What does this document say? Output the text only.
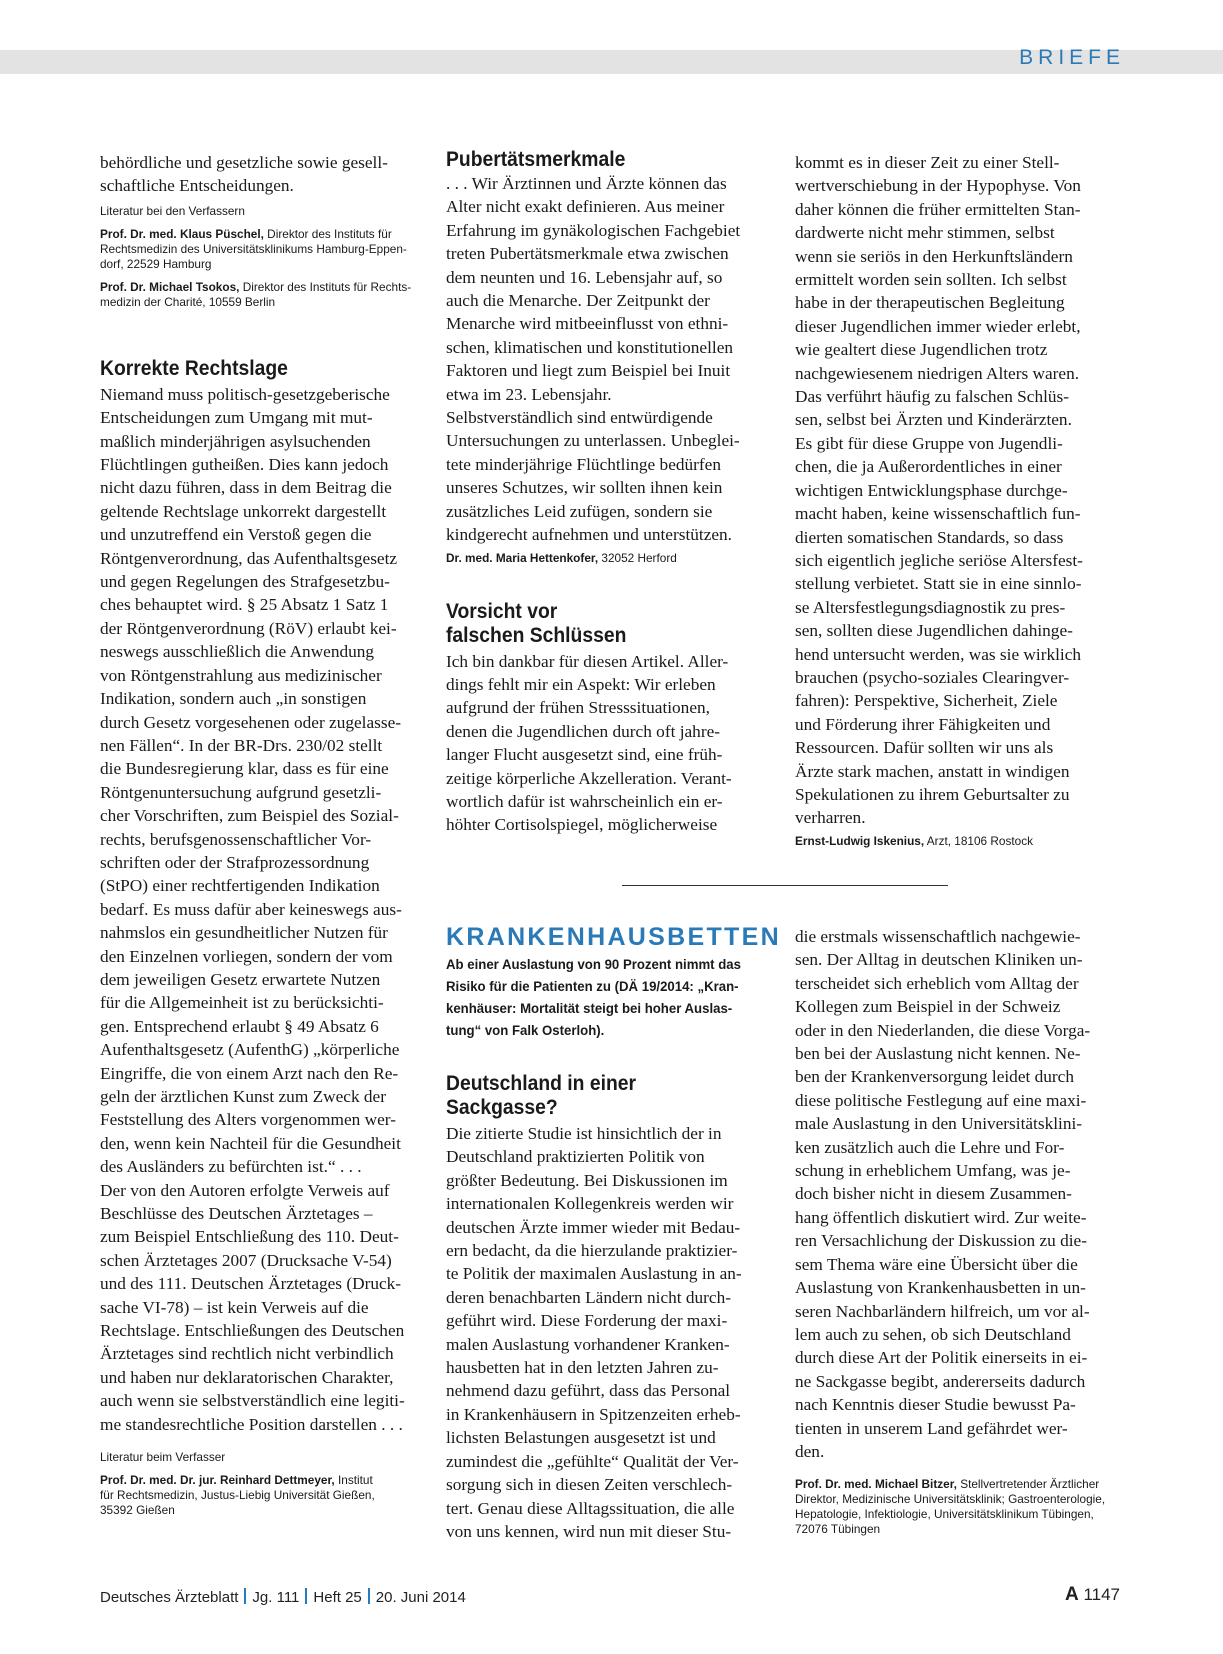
BRIEFE

behördliche und gesetzliche sowie gesell-
schaftliche Entscheidungen.

Literatur bei den Verfassern

Prof. Dr. med. Klaus Püschel, Direktor des Instituts für
Rechtsmedizin des Universitätsklinikums Hamburg-Eppen-
dorf, 22529 Hamburg

Prof. Dr. Michael Tsokos, Direktor des Instituts für Rechts-
medizin der Charité, 10559 Berlin

Korrekte Rechtslage

Niemand muss politisch-gesetzgeberische
Entscheidungen zum Umgang mit mut-
maßlich minderjährigen asylsuchenden
Flüchtlingen gutheißen. Dies kann jedoch
nicht dazu führen, dass in dem Beitrag die
geltende Rechtslage unkorrekt dargestellt
und unzutreffend ein Verstoß gegen die
Röntgenverordnung, das Aufenthaltsgesetz
und gegen Regelungen des Strafgesetzbu-
ches behauptet wird. § 25 Absatz 1 Satz 1
der Röntgenverordnung (RöV) erlaubt kei-
neswegs ausschließlich die Anwendung
von Röntgenstrahlung aus medizinischer
Indikation, sondern auch „in sonstigen
durch Gesetz vorgesehenen oder zugelasse-
nen Fällen“. In der BR-Drs. 230/02 stellt
die Bundesregierung klar, dass es für eine
Röntgenuntersuchung aufgrund gesetzli-
cher Vorschriften, zum Beispiel des Sozial-
rechts, berufsgenossenschaftlicher Vor-
schriften oder der Strafprozessordnung
(StPO) einer rechtfertigenden Indikation
bedarf. Es muss dafür aber keineswegs aus-
nahmslos ein gesundheitlicher Nutzen für
den Einzelnen vorliegen, sondern der vom
dem jeweiligen Gesetz erwartete Nutzen
für die Allgemeinheit ist zu berücksichti-
gen. Entsprechend erlaubt § 49 Absatz 6
Aufenthaltsgesetz (AufenthG) „körperliche
Eingriffe, die von einem Arzt nach den Re-
geln der ärztlichen Kunst zum Zweck der
Feststellung des Alters vorgenommen wer-
den, wenn kein Nachteil für die Gesundheit
des Ausländers zu befürchten ist.“ . . .
Der von den Autoren erfolgte Verweis auf
Beschlüsse des Deutschen Ärztetages –
zum Beispiel Entschließung des 110. Deut-
schen Ärztetages 2007 (Drucksache V-54)
und des 111. Deutschen Ärztetages (Druck-
sache VI-78) – ist kein Verweis auf die
Rechtslage. Entschließungen des Deutschen
Ärztetages sind rechtlich nicht verbindlich
und haben nur deklaratorischen Charakter,
auch wenn sie selbstverständlich eine legiti-
me standesrechtliche Position darstellen . . .

Literatur beim Verfasser

Prof. Dr. med. Dr. jur. Reinhard Dettmeyer, Institut
für Rechtsmedizin, Justus-Liebig Universität Gießen,
35392 Gießen

Pubertätsmerkmale

. . . Wir Ärztinnen und Ärzte können das
Alter nicht exakt definieren. Aus meiner
Erfahrung im gynäkologischen Fachgebiet
treten Pubertätsmerkmale etwa zwischen
dem neunten und 16. Lebensjahr auf, so
auch die Menarche. Der Zeitpunkt der
Menarche wird mitbeeinflusst von ethni-
schen, klimatischen und konstitutionellen
Faktoren und liegt zum Beispiel bei Inuit
etwa im 23. Lebensjahr.
Selbstverständlich sind entwürdigende
Untersuchungen zu unterlassen. Unbeglei-
tete minderjährige Flüchtlinge bedürfen
unseres Schutzes, wir sollten ihnen kein
zusätzliches Leid zufügen, sondern sie
kindgerecht aufnehmen und unterstützen.

Dr. med. Maria Hettenkofer, 32052 Herford

Vorsicht vor
falschen Schlüssen

Ich bin dankbar für diesen Artikel. Aller-
dings fehlt mir ein Aspekt: Wir erleben
aufgrund der frühen Stresssituationen,
denen die Jugendlichen durch oft jahre-
langer Flucht ausgesetzt sind, eine früh-
zeitige körperliche Akzelleration. Verant-
wortlich dafür ist wahrscheinlich ein er-
höhter Cortisolspiegel, möglicherweise

kommt es in dieser Zeit zu einer Stell-
wertverschiebung in der Hypophyse. Von
daher können die früher ermittelten Stan-
dardwerte nicht mehr stimmen, selbst
wenn sie seriös in den Herkunftsländern
ermittelt worden sein sollten. Ich selbst
habe in der therapeutischen Begleitung
dieser Jugendlichen immer wieder erlebt,
wie gealtert diese Jugendlichen trotz
nachgewiesenem niedrigen Alters waren.
Das verführt häufig zu falschen Schlüs-
sen, selbst bei Ärzten und Kinderärzten.
Es gibt für diese Gruppe von Jugendli-
chen, die ja Außerordentliches in einer
wichtigen Entwicklungsphase durchge-
macht haben, keine wissenschaftlich fun-
dierten somatischen Standards, so dass
sich eigentlich jegliche seriöse Altersfest-
stellung verbietet. Statt sie in eine sinnlo-
se Altersfestlegungsdiagnostik zu pres-
sen, sollten diese Jugendlichen dahinge-
hend untersucht werden, was sie wirklich
brauchen (psycho-soziales Clearingver-
fahren): Perspektive, Sicherheit, Ziele
und Förderung ihrer Fähigkeiten und
Ressourcen. Dafür sollten wir uns als
Ärzte stark machen, anstatt in windigen
Spekulationen zu ihrem Geburtsalter zu
verharren.

Ernst-Ludwig Iskenius, Arzt, 18106 Rostock

KRANKENHAUSBETTEN

Ab einer Auslastung von 90 Prozent nimmt das
Risiko für die Patienten zu (DÄ 19/2014: „Kran-
kenhäuser: Mortalität steigt bei hoher Auslas-
tung“ von Falk Osterloh).

Deutschland in einer
Sackgasse?

Die zitierte Studie ist hinsichtlich der in
Deutschland praktizierten Politik von
größter Bedeutung. Bei Diskussionen im
internationalen Kollegenkreis werden wir
deutschen Ärzte immer wieder mit Bedau-
ern bedacht, da die hierzulande praktizier-
te Politik der maximalen Auslastung in an-
deren benachbarten Ländern nicht durch-
geführt wird. Diese Forderung der maxi-
malen Auslastung vorhandener Kranken-
hausbetten hat in den letzten Jahren zu-
nehmend dazu geführt, dass das Personal
in Krankenhäusern in Spitzenzeiten erheb-
lichsten Belastungen ausgesetzt ist und
zumindest die „gefühlte“ Qualität der Ver-
sorgung sich in diesen Zeiten verschlech-
tert. Genau diese Alltagssituation, die alle
von uns kennen, wird nun mit dieser Stu-

die erstmals wissenschaftlich nachgewie-
sen. Der Alltag in deutschen Kliniken un-
terscheidet sich erheblich vom Alltag der
Kollegen zum Beispiel in der Schweiz
oder in den Niederlanden, die diese Vorga-
ben bei der Auslastung nicht kennen. Ne-
ben der Krankenversorgung leidet durch
diese politische Festlegung auf eine maxi-
male Auslastung in den Universitätsklini-
ken zusätzlich auch die Lehre und For-
schung in erheblichem Umfang, was je-
doch bisher nicht in diesem Zusammen-
hang öffentlich diskutiert wird. Zur weite-
ren Versachlichung der Diskussion zu die-
sem Thema wäre eine Übersicht über die
Auslastung von Krankenhausbetten in un-
seren Nachbarländern hilfreich, um vor al-
lem auch zu sehen, ob sich Deutschland
durch diese Art der Politik einerseits in ei-
ne Sackgasse begibt, andererseits dadurch
nach Kenntnis dieser Studie bewusst Pa-
tienten in unserem Land gefährdet wer-
den.

Prof. Dr. med. Michael Bitzer, Stellvertretender Ärztlicher
Direktor, Medizinische Universitätsklinik; Gastroenterologie,
Hepatologie, Infektiologie, Universitätsklinikum Tübingen,
72076 Tübingen

Deutsches Ärzteblatt Jg. 111 Heft 25 20. Juni 2014	A 1147
